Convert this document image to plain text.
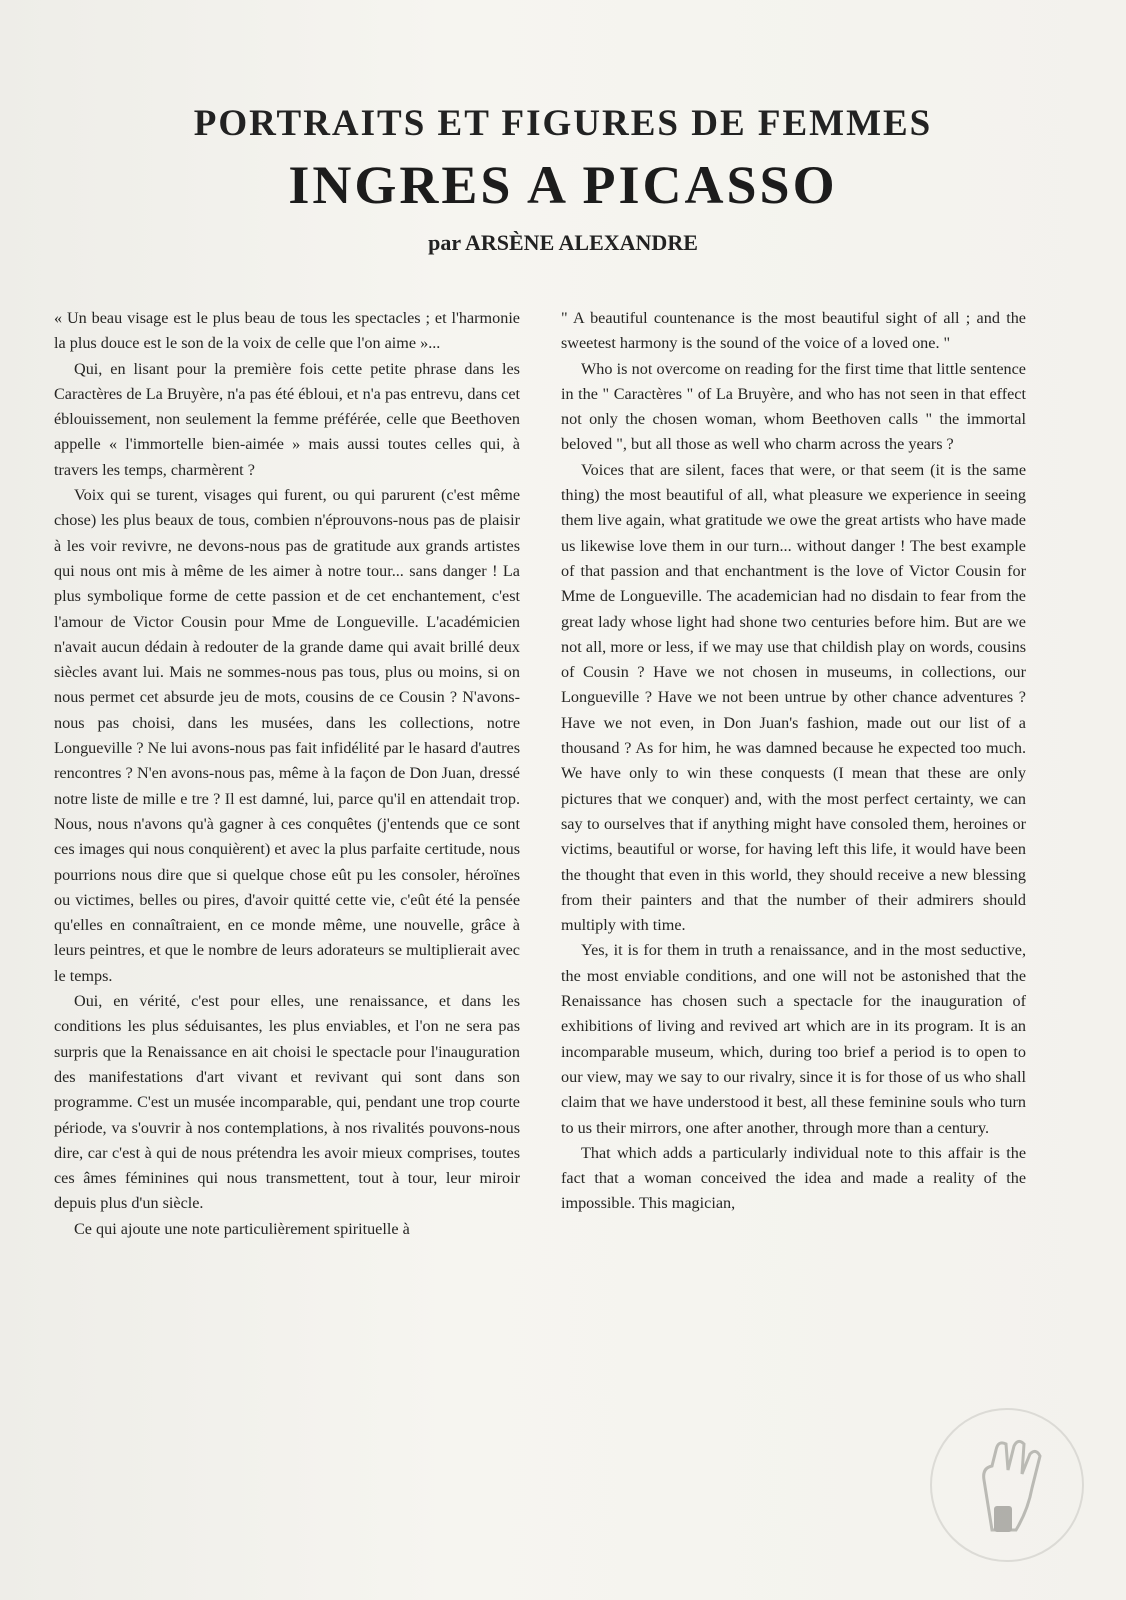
PORTRAITS ET FIGURES DE FEMMES
INGRES A PICASSO
par ARSÈNE ALEXANDRE

« Un beau visage est le plus beau de tous les spectacles ; et l'harmonie la plus douce est le son de la voix de celle que l'on aime »...

Qui, en lisant pour la première fois cette petite phrase dans les Caractères de La Bruyère, n'a pas été ébloui, et n'a pas entrevu, dans cet éblouissement, non seulement la femme préférée, celle que Beethoven appelle « l'immortelle bien-aimée » mais aussi toutes celles qui, à travers les temps, charmèrent ?

Voix qui se turent, visages qui furent, ou qui parurent (c'est même chose) les plus beaux de tous, combien n'éprouvons-nous pas de plaisir à les voir revivre, ne devons-nous pas de gratitude aux grands artistes qui nous ont mis à même de les aimer à notre tour... sans danger ! La plus symbolique forme de cette passion et de cet enchantement, c'est l'amour de Victor Cousin pour Mme de Longueville. L'académicien n'avait aucun dédain à redouter de la grande dame qui avait brillé deux siècles avant lui. Mais ne sommes-nous pas tous, plus ou moins, si on nous permet cet absurde jeu de mots, cousins de ce Cousin ? N'avons-nous pas choisi, dans les musées, dans les collections, notre Longueville ? Ne lui avons-nous pas fait infidélité par le hasard d'autres rencontres ? N'en avons-nous pas, même à la façon de Don Juan, dressé notre liste de mille e tre ? Il est damné, lui, parce qu'il en attendait trop. Nous, nous n'avons qu'à gagner à ces conquêtes (j'entends que ce sont ces images qui nous conquièrent) et avec la plus parfaite certitude, nous pourrions nous dire que si quelque chose eût pu les consoler, héroïnes ou victimes, belles ou pires, d'avoir quitté cette vie, c'eût été la pensée qu'elles en connaîtraient, en ce monde même, une nouvelle, grâce à leurs peintres, et que le nombre de leurs adorateurs se multiplierait avec le temps.

Oui, en vérité, c'est pour elles, une renaissance, et dans les conditions les plus séduisantes, les plus enviables, et l'on ne sera pas surpris que la Renaissance en ait choisi le spectacle pour l'inauguration des manifestations d'art vivant et revivant qui sont dans son programme. C'est un musée incomparable, qui, pendant une trop courte période, va s'ouvrir à nos contemplations, à nos rivalités pouvons-nous dire, car c'est à qui de nous prétendra les avoir mieux comprises, toutes ces âmes féminines qui nous transmettent, tout à tour, leur miroir depuis plus d'un siècle.

Ce qui ajoute une note particulièrement spirituelle à

" A beautiful countenance is the most beautiful sight of all ; and the sweetest harmony is the sound of the voice of a loved one. "

Who is not overcome on reading for the first time that little sentence in the " Caractères " of La Bruyère, and who has not seen in that effect not only the chosen woman, whom Beethoven calls " the immortal beloved ", but all those as well who charm across the years ?

Voices that are silent, faces that were, or that seem (it is the same thing) the most beautiful of all, what pleasure we experience in seeing them live again, what gratitude we owe the great artists who have made us likewise love them in our turn... without danger ! The best example of that passion and that enchantment is the love of Victor Cousin for Mme de Longueville. The academician had no disdain to fear from the great lady whose light had shone two centuries before him. But are we not all, more or less, if we may use that childish play on words, cousins of Cousin ? Have we not chosen in museums, in collections, our Longueville ? Have we not been untrue by other chance adventures ? Have we not even, in Don Juan's fashion, made out our list of a thousand ? As for him, he was damned because he expected too much. We have only to win these conquests (I mean that these are only pictures that we conquer) and, with the most perfect certainty, we can say to ourselves that if anything might have consoled them, heroines or victims, beautiful or worse, for having left this life, it would have been the thought that even in this world, they should receive a new blessing from their painters and that the number of their admirers should multiply with time.

Yes, it is for them in truth a renaissance, and in the most seductive, the most enviable conditions, and one will not be astonished that the Renaissance has chosen such a spectacle for the inauguration of exhibitions of living and revived art which are in its program. It is an incomparable museum, which, during too brief a period is to open to our view, may we say to our rivalry, since it is for those of us who shall claim that we have understood it best, all these feminine souls who turn to us their mirrors, one after another, through more than a century.

That which adds a particularly individual note to this affair is the fact that a woman conceived the idea and made a reality of the impossible. This magician,
